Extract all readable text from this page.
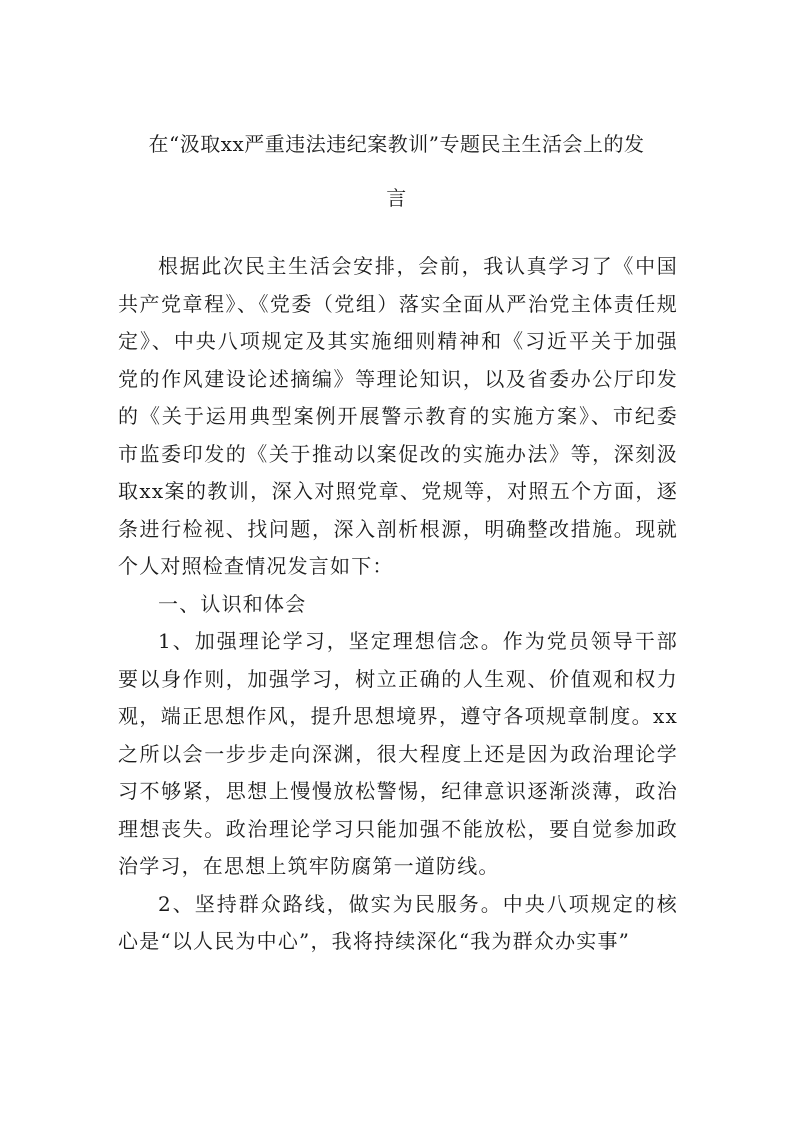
在“汲取xx严重违法违纪案教训”专题民主生活会上的发
言

根据此次民主生活会安排，会前，我认真学习了《中国共产党章程》、《党委（党组）落实全面从严治党主体责任规定》、中央八项规定及其实施细则精神和《习近平关于加强党的作风建设论述摘编》等理论知识，以及省委办公厅印发的《关于运用典型案例开展警示教育的实施方案》、市纪委市监委印发的《关于推动以案促改的实施办法》等，深刻汲取xx案的教训，深入对照党章、党规等，对照五个方面，逐条进行检视、找问题，深入剖析根源，明确整改措施。现就个人对照检查情况发言如下：

一、认识和体会

1、加强理论学习，坚定理想信念。作为党员领导干部要以身作则，加强学习，树立正确的人生观、价值观和权力观，端正思想作风，提升思想境界，遵守各项规章制度。xx之所以会一步步走向深渊，很大程度上还是因为政治理论学习不够紧，思想上慢慢放松警惕，纪律意识逐渐淡薄，政治理想丧失。政治理论学习只能加强不能放松，要自觉参加政治学习，在思想上筑牢防腐第一道防线。

2、坚持群众路线，做实为民服务。中央八项规定的核心是“以人民为中心”，我将持续深化“我为群众办实事”
